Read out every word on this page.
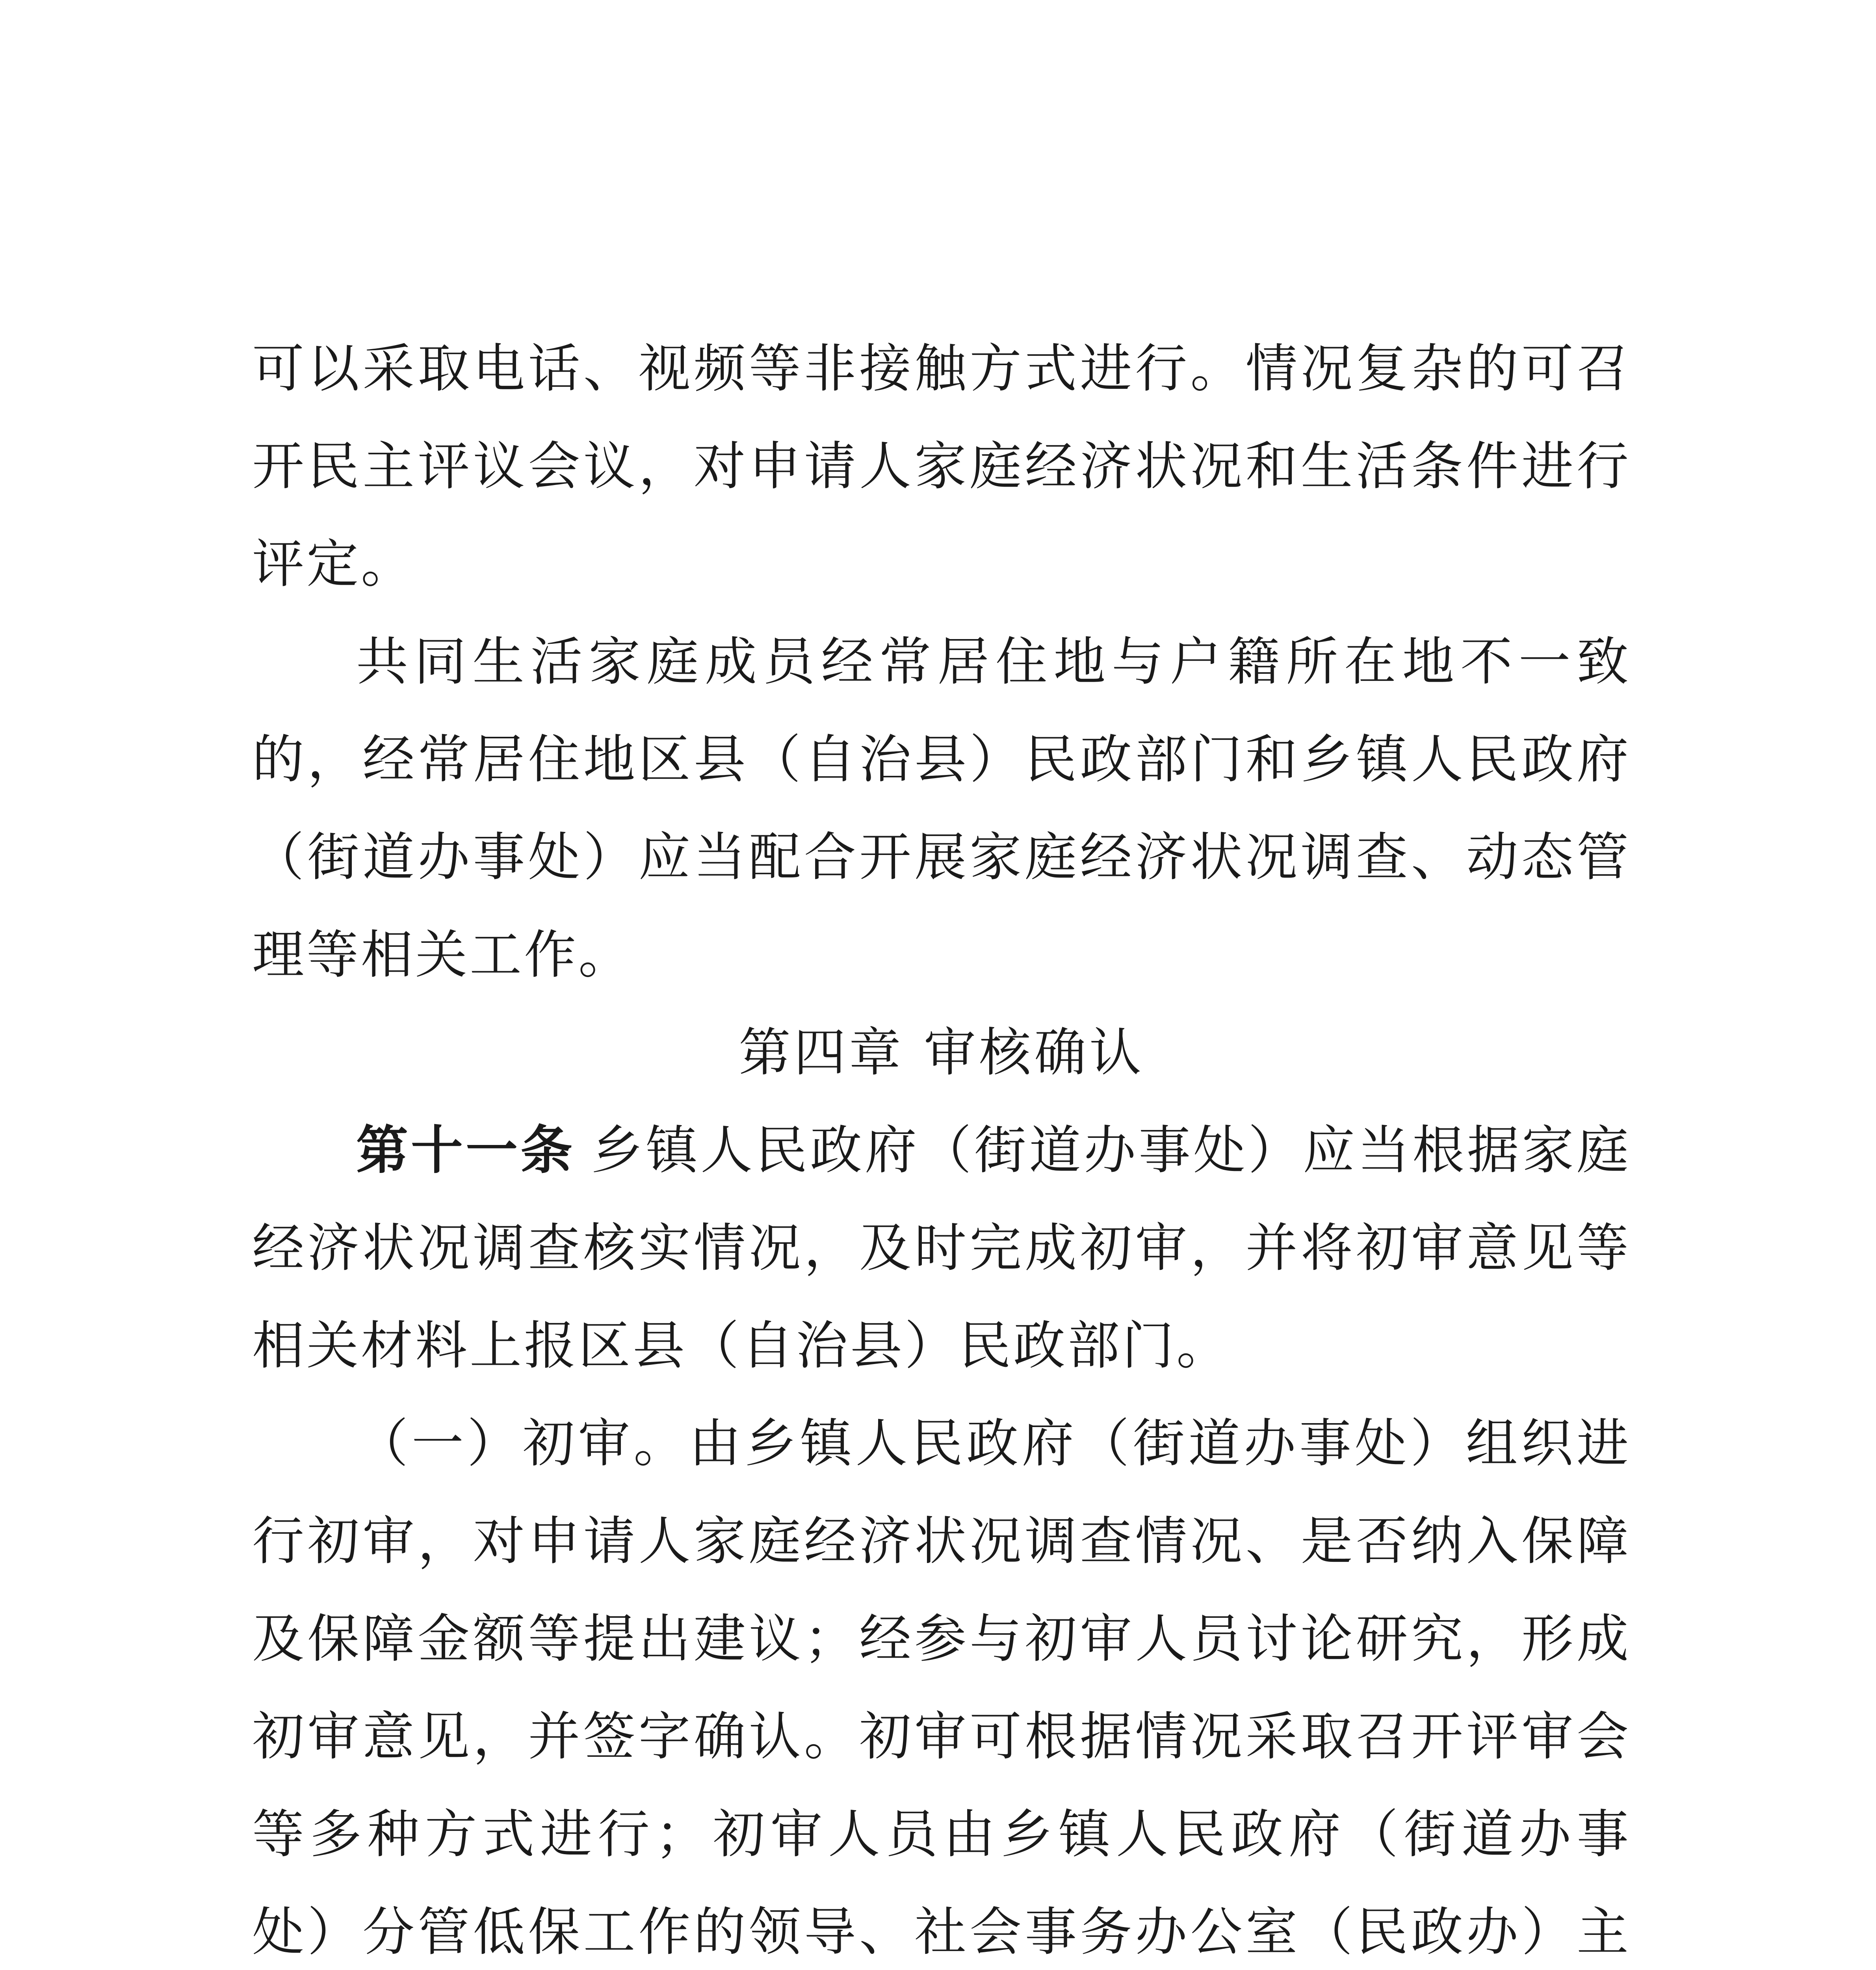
可以采取电话、视频等非接触方式进行。情况复杂的可召开民主评议会议，对申请人家庭经济状况和生活条件进行评定。

共同生活家庭成员经常居住地与户籍所在地不一致的，经常居住地区县（自治县）民政部门和乡镇人民政府（街道办事处）应当配合开展家庭经济状况调查、动态管理等相关工作。

第四章 审核确认

第十一条 乡镇人民政府（街道办事处）应当根据家庭经济状况调查核实情况，及时完成初审，并将初审意见等相关材料上报区县（自治县）民政部门。

（一）初审。由乡镇人民政府（街道办事处）组织进行初审，对申请人家庭经济状况调查情况、是否纳入保障及保障金额等提出建议；经参与初审人员讨论研究，形成初审意见，并签字确认。初审可根据情况采取召开评审会等多种方式进行；初审人员由乡镇人民政府（街道办事处）分管低保工作的领导、社会事务办公室（民政办）主
